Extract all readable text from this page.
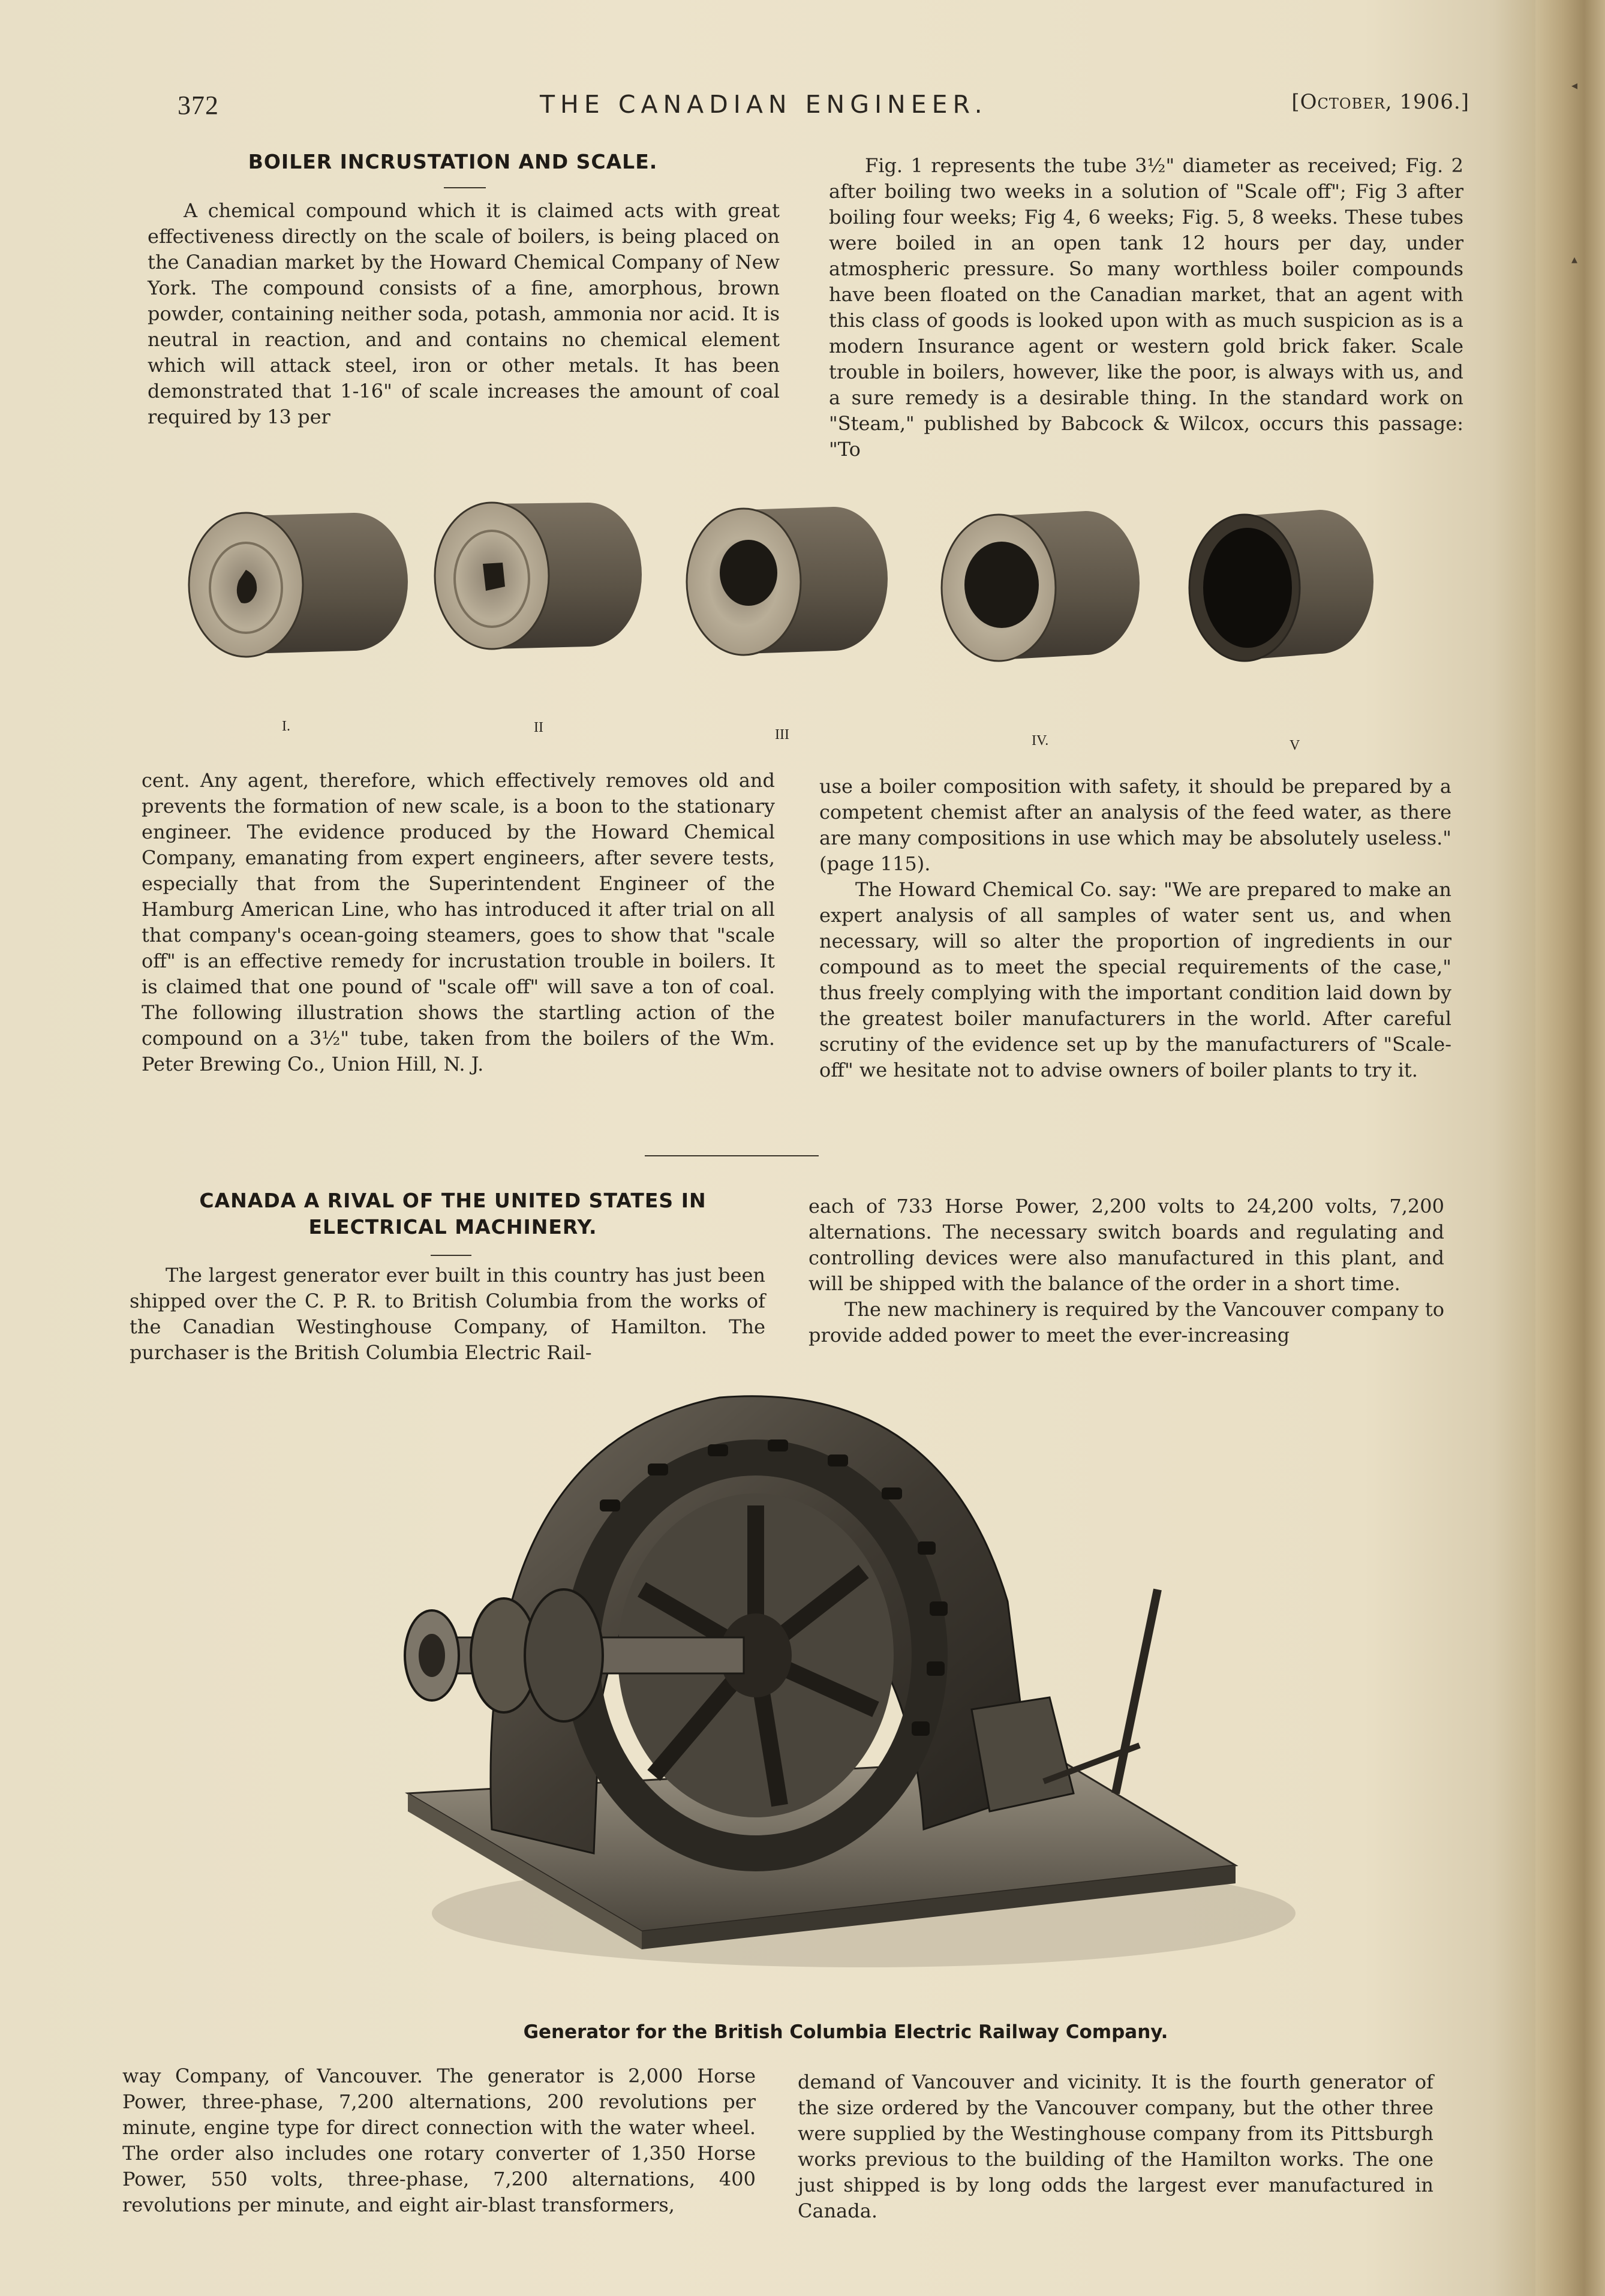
◂
▴
372	THE CANADIAN ENGINEER.	[October, 1906.]
BOILER INCRUSTATION AND SCALE.

A chemical compound which it is claimed acts with great effectiveness directly on the scale of boilers, is being placed on the Canadian market by the Howard Chemical Company of New York. The compound consists of a fine, amorphous, brown powder, containing neither soda, potash, ammonia nor acid. It is neutral in reaction, and and contains no chemical element which will attack steel, iron or other metals. It has been demonstrated that 1-16" of scale increases the amount of coal required by 13 per

Fig. 1 represents the tube 3½" diameter as received; Fig. 2 after boiling two weeks in a solution of "Scale off"; Fig 3 after boiling four weeks; Fig 4, 6 weeks; Fig. 5, 8 weeks. These tubes were boiled in an open tank 12 hours per day, under atmospheric pressure. So many worthless boiler compounds have been floated on the Canadian market, that an agent with this class of goods is looked upon with as much suspicion as is a modern Insurance agent or western gold brick faker. Scale trouble in boilers, however, like the poor, is always with us, and a sure remedy is a desirable thing. In the standard work on "Steam," published by Babcock & Wilcox, occurs this passage: "To

I.	II	III	IV.	V

cent. Any agent, therefore, which effectively removes old and prevents the formation of new scale, is a boon to the stationary engineer. The evidence produced by the Howard Chemical Company, emanating from expert engineers, after severe tests, especially that from the Superintendent Engineer of the Hamburg American Line, who has introduced it after trial on all that company's ocean-going steamers, goes to show that "scale off" is an effective remedy for incrustation trouble in boilers. It is claimed that one pound of "scale off" will save a ton of coal. The following illustration shows the startling action of the compound on a 3½" tube, taken from the boilers of the Wm. Peter Brewing Co., Union Hill, N. J.

use a boiler composition with safety, it should be prepared by a competent chemist after an analysis of the feed water, as there are many compositions in use which may be absolutely useless." (page 115).

The Howard Chemical Co. say: "We are prepared to make an expert analysis of all samples of water sent us, and when necessary, will so alter the proportion of ingredients in our compound as to meet the special requirements of the case," thus freely complying with the important condition laid down by the greatest boiler manufacturers in the world. After careful scrutiny of the evidence set up by the manufacturers of "Scale-off" we hesitate not to advise owners of boiler plants to try it.

CANADA A RIVAL OF THE UNITED STATES IN
ELECTRICAL MACHINERY.

The largest generator ever built in this country has just been shipped over the C. P. R. to British Columbia from the works of the Canadian Westinghouse Company, of Hamilton. The purchaser is the British Columbia Electric Rail-

each of 733 Horse Power, 2,200 volts to 24,200 volts, 7,200 alternations. The necessary switch boards and regulating and controlling devices were also manufactured in this plant, and will be shipped with the balance of the order in a short time.

The new machinery is required by the Vancouver company to provide added power to meet the ever-increasing

Generator for the British Columbia Electric Railway Company.

way Company, of Vancouver. The generator is 2,000 Horse Power, three-phase, 7,200 alternations, 200 revolutions per minute, engine type for direct connection with the water wheel. The order also includes one rotary converter of 1,350 Horse Power, 550 volts, three-phase, 7,200 alternations, 400 revolutions per minute, and eight air-blast transformers,

demand of Vancouver and vicinity. It is the fourth generator of the size ordered by the Vancouver company, but the other three were supplied by the Westinghouse company from its Pittsburgh works previous to the building of the Hamilton works. The one just shipped is by long odds the largest ever manufactured in Canada.
